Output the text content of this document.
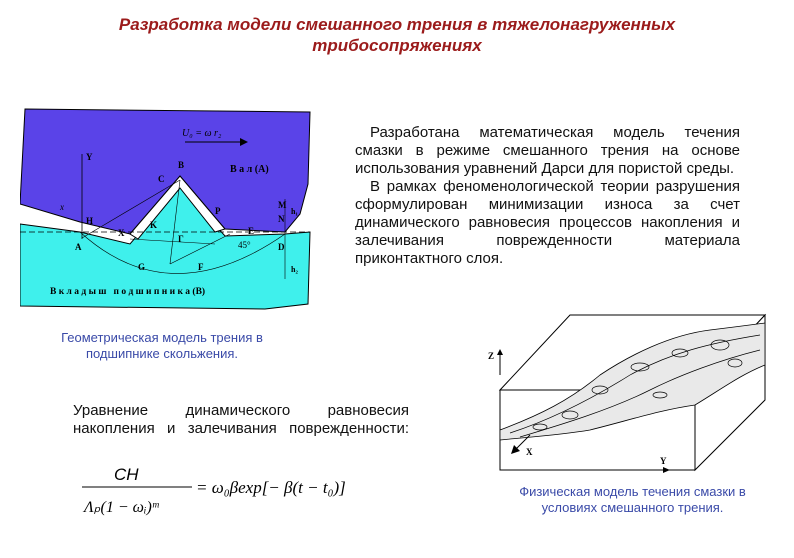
Разработка модели смешанного трения в тяжелонагруженных трибосопряжениях
В а л (А)
В к л а д ы ш   п о д ш и п н и к а (В)
U₀ = ω r₂
45°
Y
A
B
C
D
E
F
G
H	K
M
N
P
Г
X
x	h₁
h₂
Геометрическая модель трения в подшипнике скольжения.

Разработана математическая модель течения смазки в режиме смешанного трения на основе использования уравнений Дарси для пористой среды.

В рамках феноменологической теории разрушения сформулирован минимизации износа за счет динамического равновесия процессов накопления и залечивания поврежденности материала приконтактного слоя.

Уравнение динамического равновесия накопления и залечивания поврежденности:
CH
Λₚ(1 − ωᵢ)ᵐ
= ω₀βexp[− β(t − t₀)]
Z
X
Y
Физическая модель течения смазки в условиях смешанного трения.
